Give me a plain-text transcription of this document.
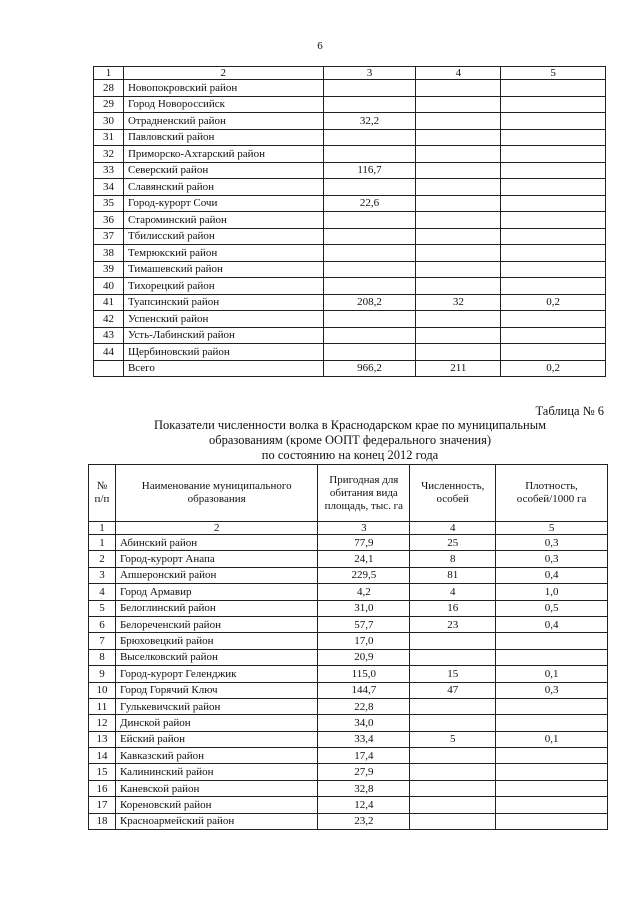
6
1	2	3	4	5
28	Новопокровский район			
29	Город Новороссийск			
30	Отрадненский район	32,2		
31	Павловский район			
32	Приморско-Ахтарский район			
33	Северский район	116,7		
34	Славянский район			
35	Город-курорт Сочи	22,6		
36	Староминский район			
37	Тбилисский район			
38	Темрюкский район			
39	Тимашевский район			
40	Тихорецкий район			
41	Туапсинский район	208,2	32	0,2
42	Успенский район			
43	Усть-Лабинский район			
44	Щербиновский район			
	Всего	966,2	211	0,2
Таблица № 6
Показатели численности волка в Краснодарском крае по муниципальным
образованиям (кроме ООПТ федерального значения)
по состоянию на конец 2012 года
№ п/п	Наименование муниципального образования	Пригодная для обитания вида площадь, тыс. га	Численность, особей	Плотность, особей/1000 га
1	2	3	4	5
1	Абинский район	77,9	25	0,3
2	Город-курорт Анапа	24,1	8	0,3
3	Апшеронский район	229,5	81	0,4
4	Город Армавир	4,2	4	1,0
5	Белоглинский район	31,0	16	0,5
6	Белореченский район	57,7	23	0,4
7	Брюховецкий район	17,0		
8	Выселковский район	20,9		
9	Город-курорт Геленджик	115,0	15	0,1
10	Город Горячий Ключ	144,7	47	0,3
11	Гулькевичский район	22,8		
12	Динской район	34,0		
13	Ейский район	33,4	5	0,1
14	Кавказский район	17,4		
15	Калининский район	27,9		
16	Каневской район	32,8		
17	Кореновский район	12,4		
18	Красноармейский район	23,2		
